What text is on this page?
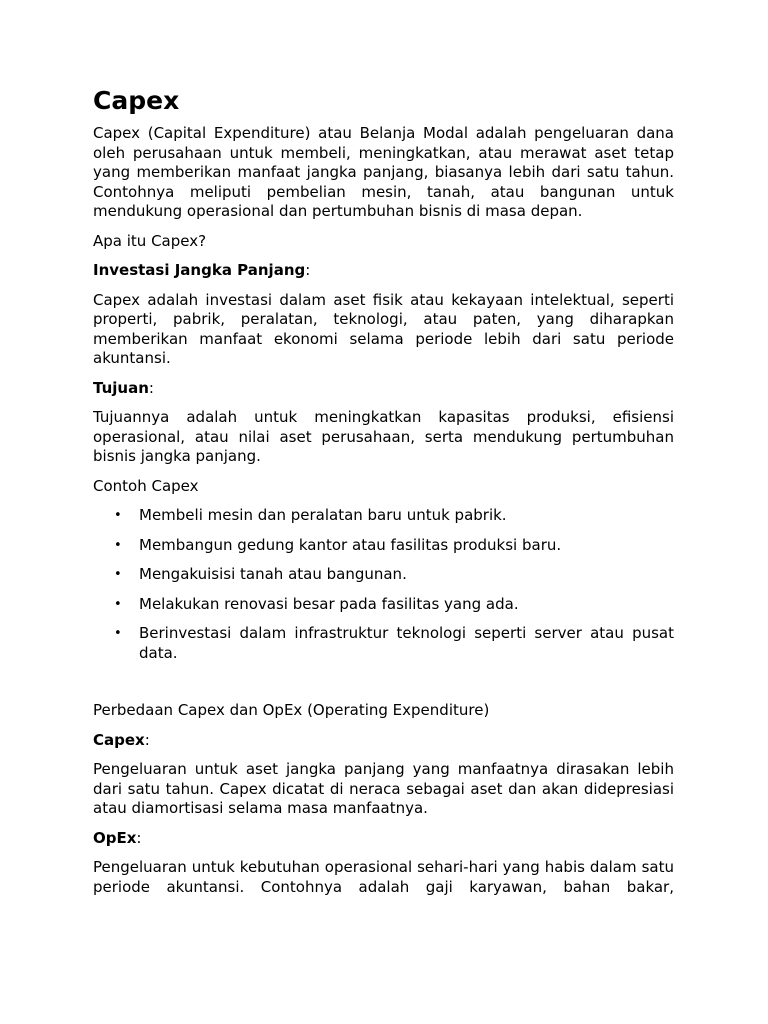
Capex

Capex (Capital Expenditure) atau Belanja Modal adalah pengeluaran dana oleh perusahaan untuk membeli, meningkatkan, atau merawat aset tetap yang memberikan manfaat jangka panjang, biasanya lebih dari satu tahun. Contohnya meliputi pembelian mesin, tanah, atau bangunan untuk mendukung operasional dan pertumbuhan bisnis di masa depan.

Apa itu Capex?

Investasi Jangka Panjang:

Capex adalah investasi dalam aset fisik atau kekayaan intelektual, seperti properti, pabrik, peralatan, teknologi, atau paten, yang diharapkan memberikan manfaat ekonomi selama periode lebih dari satu periode akuntansi.

Tujuan:

Tujuannya adalah untuk meningkatkan kapasitas produksi, efisiensi operasional, atau nilai aset perusahaan, serta mendukung pertumbuhan bisnis jangka panjang.

Contoh Capex

• Membeli mesin dan peralatan baru untuk pabrik.
• Membangun gedung kantor atau fasilitas produksi baru.
• Mengakuisisi tanah atau bangunan.
• Melakukan renovasi besar pada fasilitas yang ada.
• Berinvestasi dalam infrastruktur teknologi seperti server atau pusat data.

Perbedaan Capex dan OpEx (Operating Expenditure)

Capex:

Pengeluaran untuk aset jangka panjang yang manfaatnya dirasakan lebih dari satu tahun. Capex dicatat di neraca sebagai aset dan akan didepresiasi atau diamortisasi selama masa manfaatnya.

OpEx:

Pengeluaran untuk kebutuhan operasional sehari-hari yang habis dalam satu periode akuntansi. Contohnya adalah gaji karyawan, bahan bakar,
